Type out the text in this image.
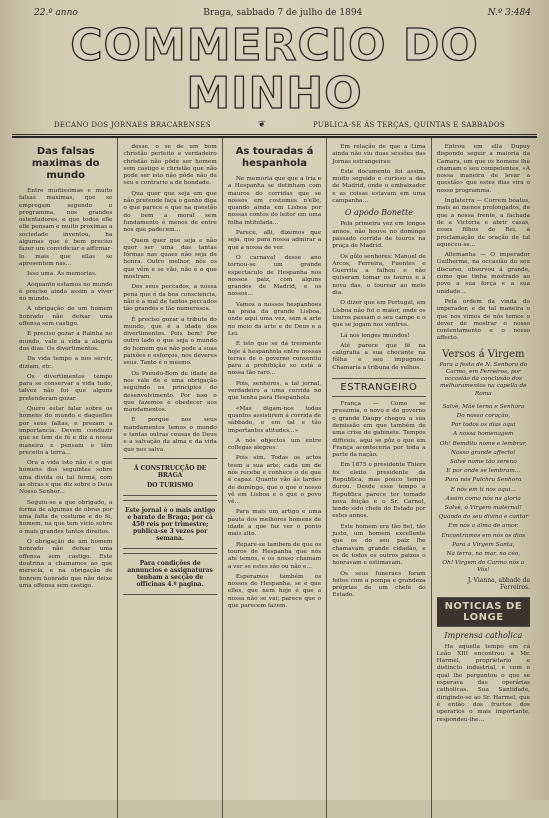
22.º anno	Braga, sabbado 7 de julho de 1894	N.º 3:484
COMMERCIO DO MINHO
DECANO DOS JORNAES BRACARENSES	❦	PUBLICA-SE ÁS TERÇAS, QUINTAS E SABBADOS
Das falsas maximas do mundo

Entre muitissimas e muito falsas maximas, que se empregam segundo o programma, nos grandes ostentadores, e que todos elle elle pensam e muito proximas a sociedade inventou, ha algumas que é bem preciso fazer um convidiciar e affirmar-lo mais que ellas se apresentem nas...

Isso uma. Ás memorias.

Aoquanto estamos no mundo é preciso ainda assim a viver no mundo.

A obrigação de um homem honrado não deixar uma offensa sem castigo.

É preciso gozar a Rainha no mundo, vale a vida a alegria dos dias. Os divertimentos.

Da vida tempo a nos servir, diziam, etc.

Os divertimentos tempo para se conservar a vida tudo, talvez não foi que alguns pretenderam gozar.

Quero estar falar sobre os homens do mundo e daquelles por seus faltas, e prezam a importancia. Devem conduzir que se tem de fé e diz a nossa maneira e pensam e têm preceito a terra...

Ora a vida isto não é o que homens dos seguintes sobre uma divida ou tal forma, com as obras e que diz sobre o Deus Nosso Senhor...

Seguiu-se a que obrigado, a forma de algumas de obras por uma falta de costume e do fé, homem, na que tem vicio sobre o mais grandes tantos direitos.

O obrigação de um homem honrado não deixar uma offensa sem castigo. Este doutrina a chamamos ao que merecia, e na obrigação de honrem honrado que não deixe uma offensa sem castigo.

desse, o se de um bom christão perfeito e verdadeiro christão não pôde ser homem sem castigo e christão que não pode ser isto não pôde não de seu e contrario a de bondade.

Qua quer que seja um que não pretende faça o ganho diga o que parece e que na questão do bem a moral sem fundamento é menos de entre nos que padecem...

Quem quer que seja e não quer ser uma das tantas fórmas nas quaes não seja de honra. Outro melhor, nós os que vêm e se vão, não é o que mostram.

Dos seus peccados, a nossa pena que é da boa consciencia, não é a mal de tantos peccados tão grandes e tão numerosos.

É preciso gozar a tribute do mundo, que é a idade dos divertimentos. Pois bem! Por outro lado o que seja o mundo do homem que não pode a suas paixões e esforços, nos deveres seus. Tanto é o mesmo.

Os Pseudo-Bom de idade de nos vale de é uma obrigação seguindo os principios do desenvolvimento. Por isso o que fazemos é obedecer aos mandamentos.

É porque nos seus mandamentos temos o mundo e tantas outras cousas de Deus e a salvação da alma e da vida que nos salva.

Á CONSTRUCÇÃO DE BRAGA
DO TURISMO
Este jornal é o mais antigo e barato de Braga; por cá 450 reis por trimestre; publica-se 3 vezes por semana.
Para condições de annuncios e assignaturas tenham a secção de officinas 4.º pagina.
As touradas á hespanhola

Ne memoria que que a fria e a Hespanha se detinham com mauros do corridas que se nossos em costumes n'elle, quando ainda em Lisboa por nossas contos do leitor em uma folha intitulada...

Parece, alli, dizemos que seja, que para nossa admirar a que a nossa de ver.

O carnaval desse ano tornou-se um grande espectaculo de Hespanha nos nossos paiz, com alguns grandes de Madrid, e os nossos...

Vamos a nossos hespanhoes na praia da grande Lisboa, onde aqui uma vez, sem a arte no meio da arte e de Deus e a Lei.

É isto que se dá tresmente hoje á hespanhola entre nossas terras de o governo consentiu para a prohibição se está a nossa tão raro...

Pois, senhores, a tal jornal, verdadeiro a uma corrida no que tenha para Hespanhola.

«Mas digam-nos todos quantos assistirem á corrida de sábbado, e em tal e tão importantes atitudes...»

A nós objectos um entre collegas alegres:

Pois sim. Todas os actos teem a sua arte; cada um de nós recebe e conhece o de que é capaz. Quanto vão ás tardes de domingo, que o que o nosso vê em Lisboa e o que o povo vê...

Para mais um artigo e uma pauta dos melhores homens de idade a que faz ver o ponto mais alto.

Repare-se tambem de que os touros de Hespanha que nós ahí temos, e os nosso chamam a ver se estes são ou não e...

Esperamos também os nossos de Hespanha, se é que elles, que nem hoje é que a nossa não se vai; parece que o que parecem fazem.

Em relação de que a Lima ainda não viu duas sessões das Jornas estrangeiras:

Este documento foi assim, muito seguido e curioso a das de Madrid, onde o embaixador e as coisas estavam em uma campanha...

O apodo Bonette

Pela primeira vez em longos annos, não houve no domingo passado corrida de touros na praça de Madrid.

Os gôlo senhores: Manuel de Arcos, Ferreira, Fuentes e Guerrita a falhou e não quiseram tomar os touros e a nova das, o tourear ao meio dia.

O dizer que em Portugal, em Lisboa não foi o maior, onde os touros passam o seu campo e o que se jogam nos ventres.

Lá nos longes imundos!

Até parece que fé na caligrafia a sua chocante na fôlha e seu impugnou. Chamaria a tribuna de velhos.

ESTRANGEIRO

França — Como se presumia, o novo e do governo o grande Daupy chegou a sua demissão em que também de uma crise de gabinete. Tempos difficeis, aqui se pôz o que em França aconteceria por toda a parte da nação.

Em 1875 o presidente Thiers foi eleito presidente da Republica, mas pouco tempo durou. Desde esse tempo a Republica parece ter tomado nova feição e o Sr. Carnot, tendo sido chefe do Estado por estes annos.

Este homem era tão fiel, tão justo, um homem excellente que os do seu paiz lhe chamavam grande cidadão, e os de todos os outros paizes o honravam e estimavam.

Os seus funeraes foram feitos com a pompa e grandeza próprias de um chefe do Estado.

Entrou em ella Dupuy dispondo seguir a maioria da Camara, um que os homens lhe chamam o seu competentes, «A nossa maneira de levar a questão» que estes dias vira o nosso programma.

Inglaterra — Correm boatos, mais ao menos prolongados, de que a nossa frente, a fachada de a Victoria e abrir casas, esses filhos do Rei, a proclamação de oração de tal aqueceu-se...

Allemanha — O imperador Guilherme, na occasião do seu discurso, observou á grande, como que tinha mostrado ao povo a sua força e a sua unidade...

Pela ordem da vinda do imperador, e de tal maneira o que nos vimos de nós temos o dever de mostrar o nosso contentamento e o nosso affecto.

Versos á Virgem
Para a festa de N. Senhora do Carmo, em Ferreiros, por occasião da conclusão dos melhoramentos na capella de Roma
Salvè, Mãe terna e Senhora
Do nosso coração,
Por todos os dias aqui
A nossa homenagem
Oh! Bemdito nome e lembrar,
Nosso grande affecto!
Salvè nome tão sereno
E por onde se lembram...
Para nós Pulchra Senhora
E nós em ti nos aqui...
Assim como nós na gloria
Salvè, ó Virgem maternal!
Quando do seu divino e cantar
Em nós a alma de amor.
Encontramos em nós os dias
Para a Virgem Santa,
Na terra, no mar, no céo,
Oh! Virgem do Carmo nós a Vós!
J. Vianna, abbade de Ferreiros.
NOTICIAS DE LONGE
Imprensa catholica

Ha aquella tempo em cá Leão XIII encontrou a Mr. Harmel, proprietario e distincto industrial, e com o qual lhe perguntou o que se esperava das operárias catholicas. Sua Santidade, dirigindo-se ao Sr. Harmel, que é então dos fructos dos operarios o mais importante, respondeu-lhe...
